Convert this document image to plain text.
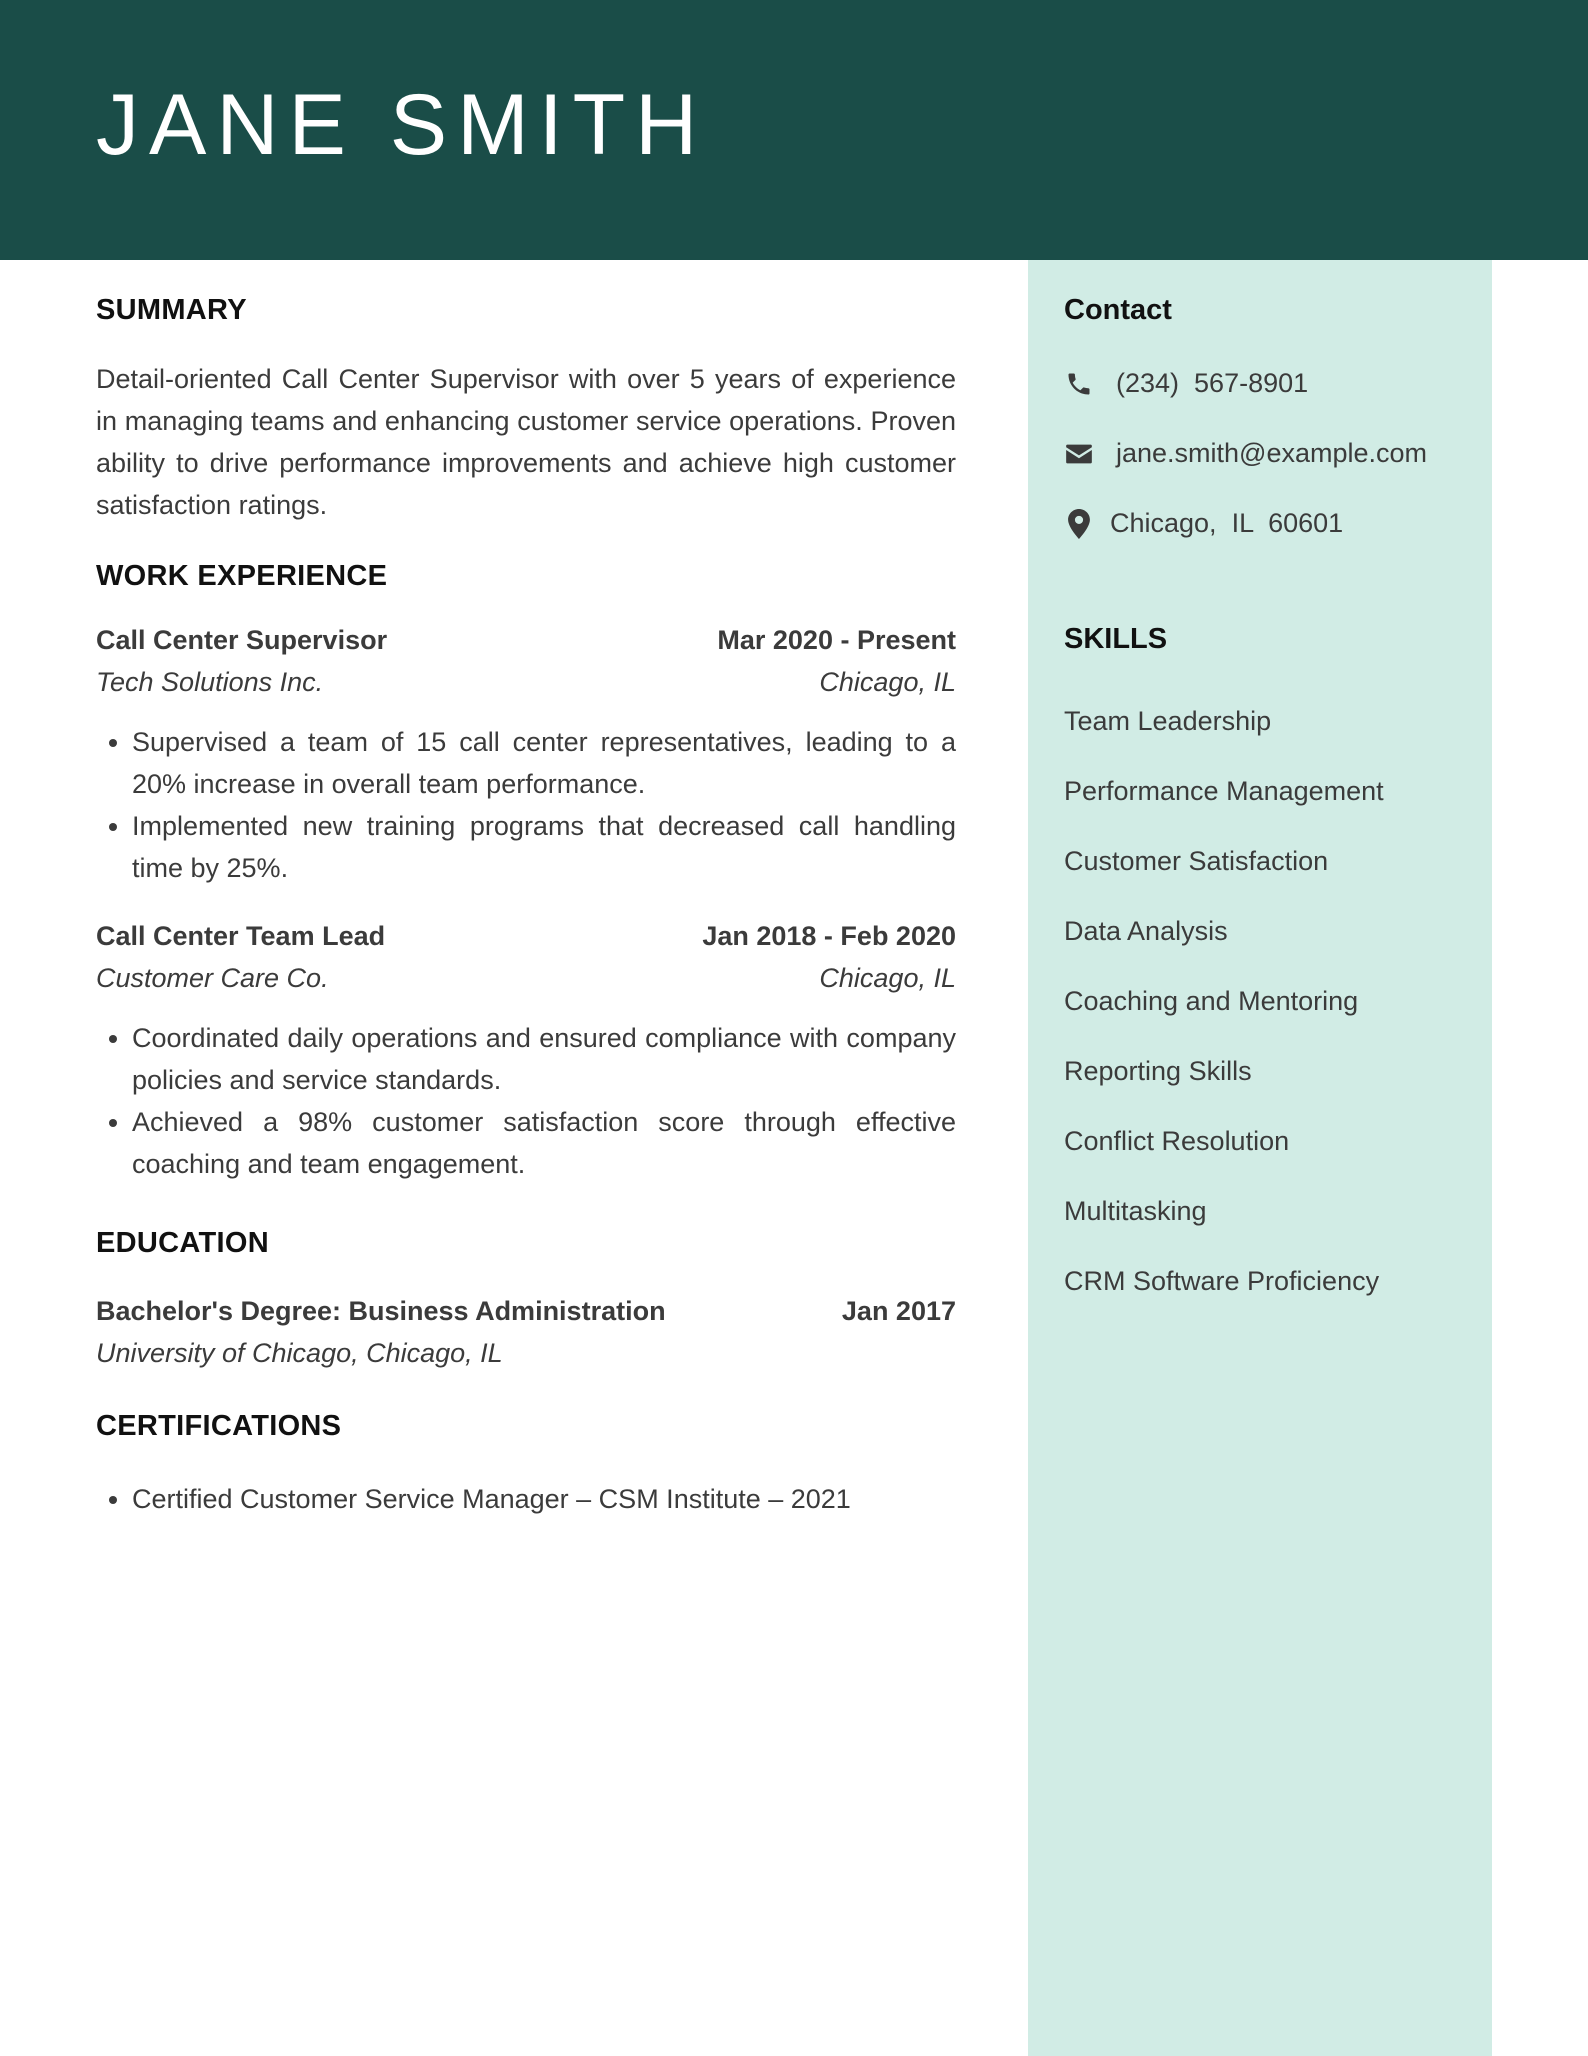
JANE SMITH
Contact
(234)  567-8901
jane.smith@example.com
Chicago,  IL  60601
SKILLS
Team Leadership
Performance Management
Customer Satisfaction
Data Analysis
Coaching and Mentoring
Reporting Skills
Conflict Resolution
Multitasking
CRM Software Proficiency
SUMMARY

Detail-oriented Call Center Supervisor with over 5 years of experience in managing teams and enhancing customer service operations. Proven ability to drive performance improvements and achieve high customer satisfaction ratings.

WORK EXPERIENCE
Call Center Supervisor	Mar 2020 - Present
Tech Solutions Inc.	Chicago, IL
• Supervised a team of 15 call center representatives, leading to a 20% increase in overall team performance.
• Implemented new training programs that decreased call handling time by 25%.
Call Center Team Lead	Jan 2018 - Feb 2020
Customer Care Co.	Chicago, IL
• Coordinated daily operations and ensured compliance with company policies and service standards.
• Achieved a 98% customer satisfaction score through effective coaching and team engagement.
EDUCATION
Bachelor's Degree: Business Administration	Jan 2017
University of Chicago, Chicago, IL
CERTIFICATIONS
• Certified Customer Service Manager – CSM Institute – 2021
